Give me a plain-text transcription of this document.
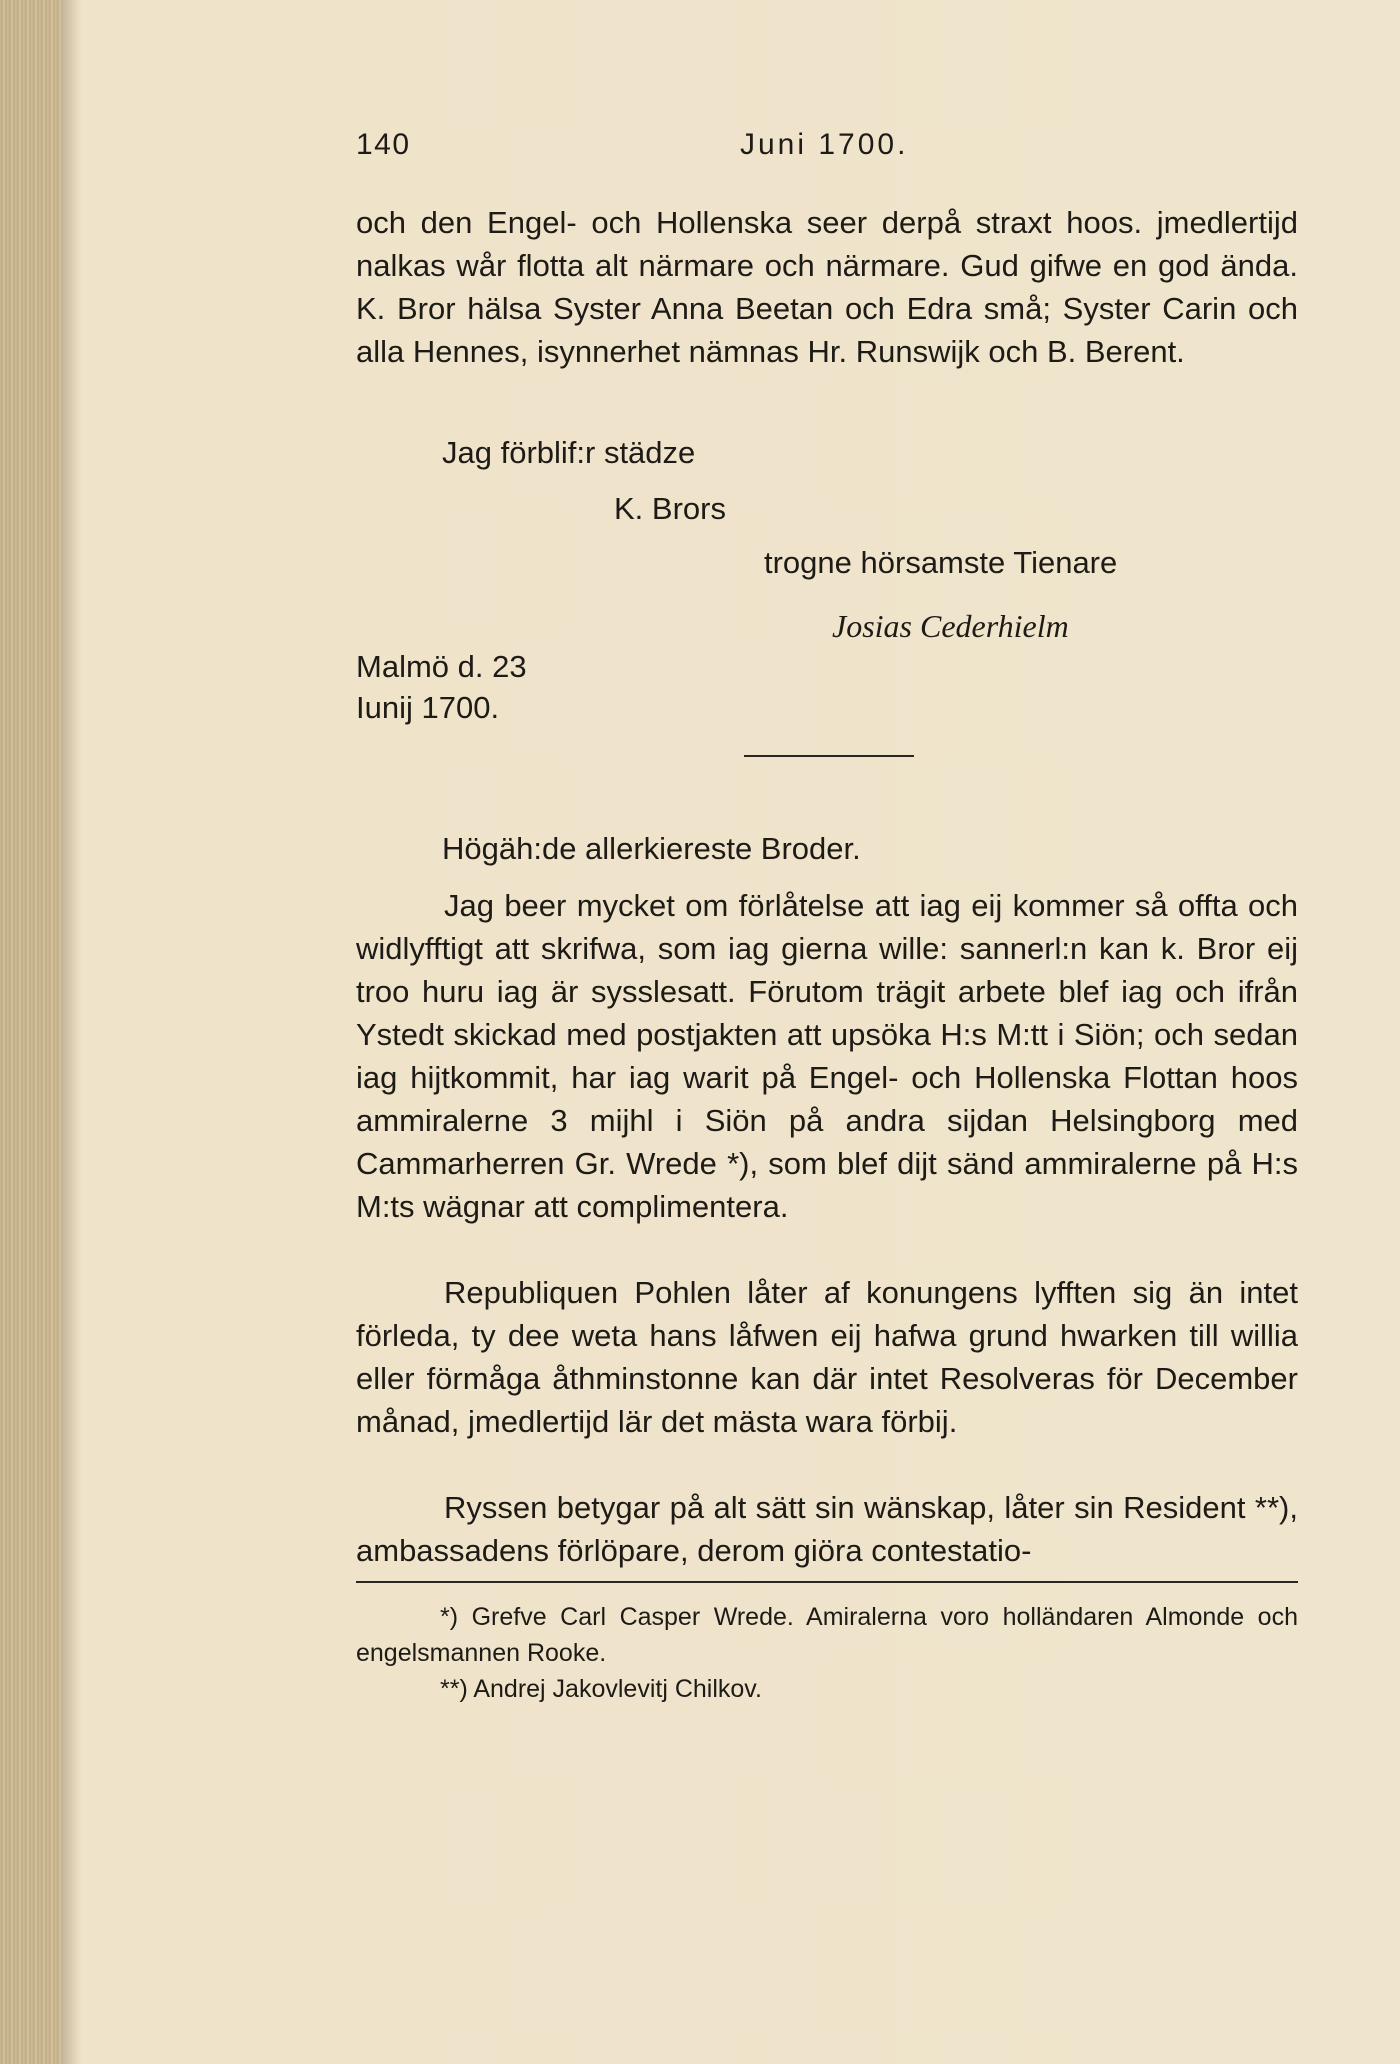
140	Juni 1700.

och den Engel- och Hollenska seer derpå straxt hoos. jmedlertijd nalkas wår flotta alt närmare och närmare. Gud gifwe en god ända. K. Bror hälsa Syster Anna Beetan och Edra små; Syster Carin och alla Hennes, isynnerhet nämnas Hr. Runswijk och B. Berent.

Jag förblif:r städze
K. Brors
trogne hörsamste Tienare
Josias Cederhielm
Malmö d. 23
Iunij 1700.
Högäh:de allerkiereste Broder.

Jag beer mycket om förlåtelse att iag eij kommer så offta och widlyfftigt att skrifwa, som iag gierna wille: sannerl:n kan k. Bror eij troo huru iag är sysslesatt. Förutom trägit arbete blef iag och ifrån Ystedt skickad med postjakten att upsöka H:s M:tt i Siön; och sedan iag hijtkommit, har iag warit på Engel- och Hollenska Flottan hoos ammiralerne 3 mijhl i Siön på andra sijdan Helsingborg med Cammarherren Gr. Wrede *), som blef dijt sänd ammiralerne på H:s M:ts wägnar att complimentera.

Republiquen Pohlen låter af konungens lyfften sig än intet förleda, ty dee weta hans låfwen eij hafwa grund hwarken till willia eller förmåga åthminstonne kan där intet Resolveras för December månad, jmedlertijd lär det mästa wara förbij.

Ryssen betygar på alt sätt sin wänskap, låter sin Resident **), ambassadens förlöpare, derom giöra contestatio-

*) Grefve Carl Casper Wrede. Amiralerna voro holländaren Almonde och engelsmannen Rooke.

**) Andrej Jakovlevitj Chilkov.
